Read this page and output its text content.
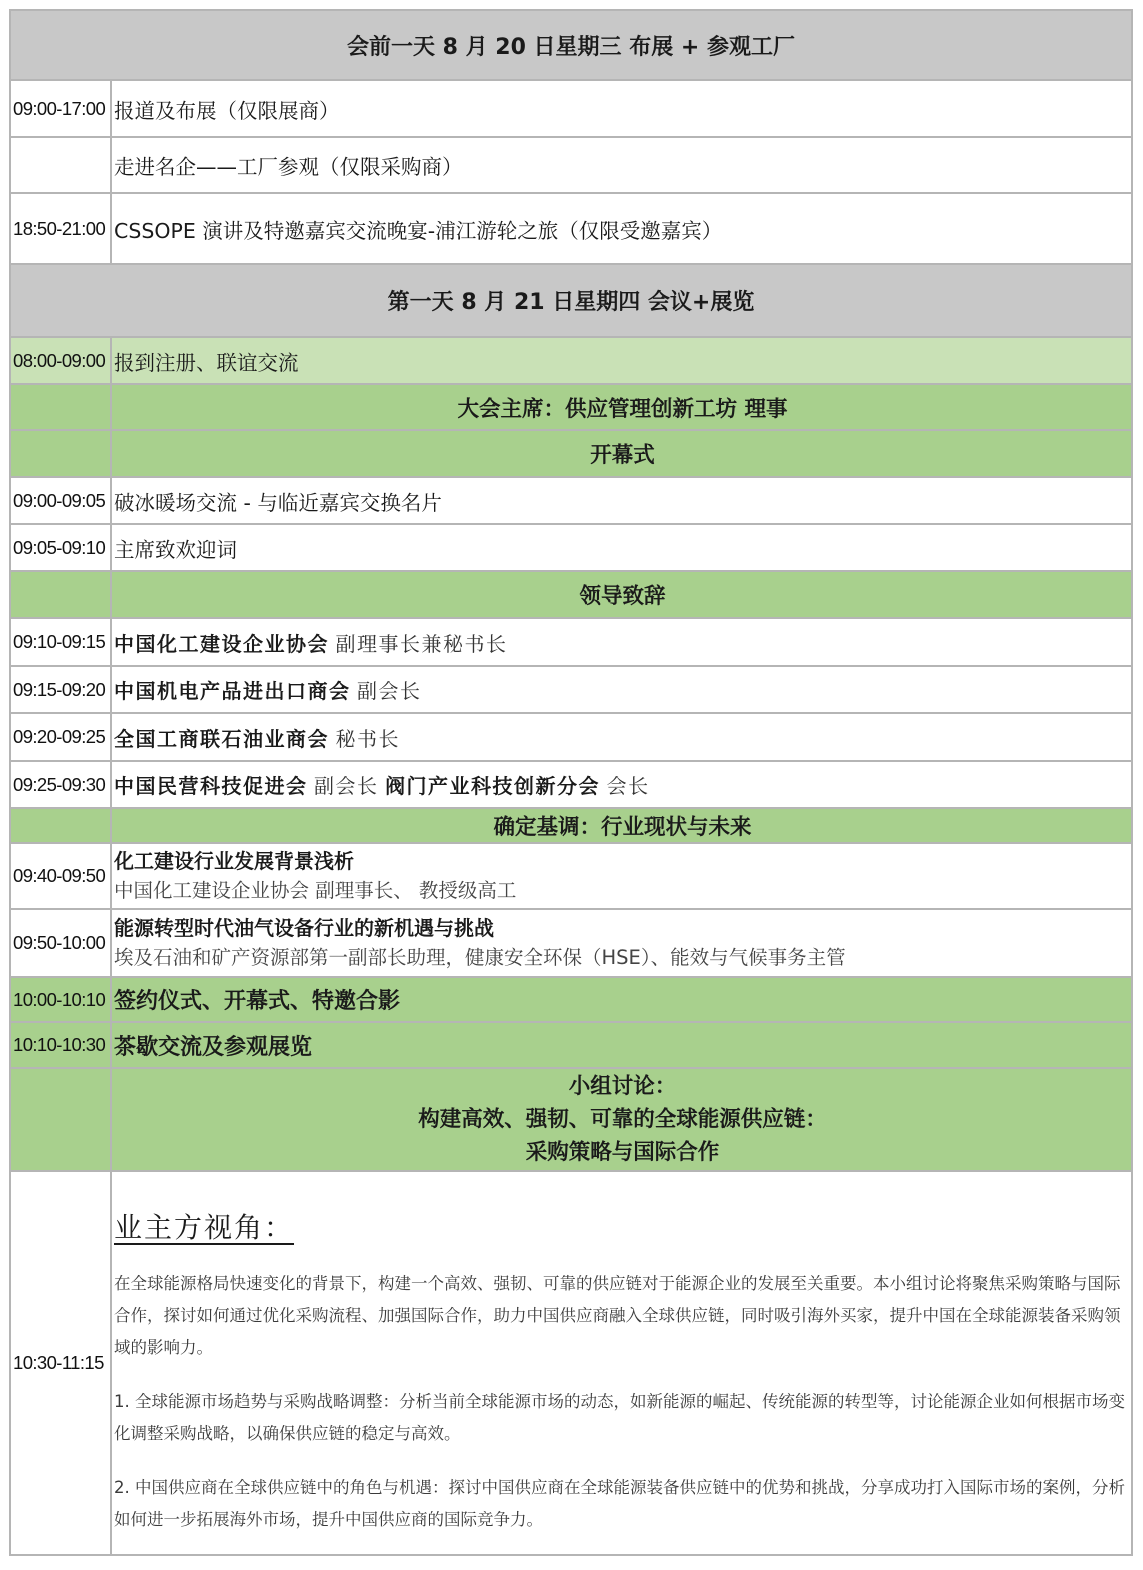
会前一天 8 月 20 日星期三 布展 + 参观工厂	
09:00-17:00	报道及布展（仅限展商）
	走进名企——工厂参观（仅限采购商）
18:50-21:00	CSSOPE 演讲及特邀嘉宾交流晚宴-浦江游轮之旅（仅限受邀嘉宾）
第一天 8 月 21 日星期四 会议+展览	
08:00-09:00	报到注册、联谊交流
	大会主席：供应管理创新工坊 理事
	开幕式
09:00-09:05	破冰暖场交流 - 与临近嘉宾交换名片
09:05-09:10	主席致欢迎词
	领导致辞
09:10-09:15	中国化工建设企业协会 副理事长兼秘书长
09:15-09:20	中国机电产品进出口商会 副会长
09:20-09:25	全国工商联石油业商会 秘书长
09:25-09:30	中国民营科技促进会 副会长 阀门产业科技创新分会 会长
	确定基调：行业现状与未来
09:40-09:50	化工建设行业发展背景浅析
中国化工建设企业协会 副理事长、 教授级高工

09:50-10:00	能源转型时代油气设备行业的新机遇与挑战
埃及石油和矿产资源部第一副部长助理，健康安全环保（HSE）、能效与气候事务主管

10:00-10:10	签约仪式、开幕式、特邀合影
10:10-10:30	茶歇交流及参观展览

	小组讨论：
构建高效、强韧、可靠的全球能源供应链：
采购策略与国际合作

10:30-11:15	业主方视角：

在全球能源格局快速变化的背景下，构建一个高效、强韧、可靠的供应链对于能源企业的发展至关重要。本小组讨论将聚焦采购策略与国际合作，探讨如何通过优化采购流程、加强国际合作，助力中国供应商融入全球供应链，同时吸引海外买家，提升中国在全球能源装备采购领域的影响力。

1. 全球能源市场趋势与采购战略调整：分析当前全球能源市场的动态，如新能源的崛起、传统能源的转型等，讨论能源企业如何根据市场变化调整采购战略，以确保供应链的稳定与高效。

2. 中国供应商在全球供应链中的角色与机遇：探讨中国供应商在全球能源装备供应链中的优势和挑战，分享成功打入国际市场的案例，分析如何进一步拓展海外市场，提升中国供应商的国际竞争力。
